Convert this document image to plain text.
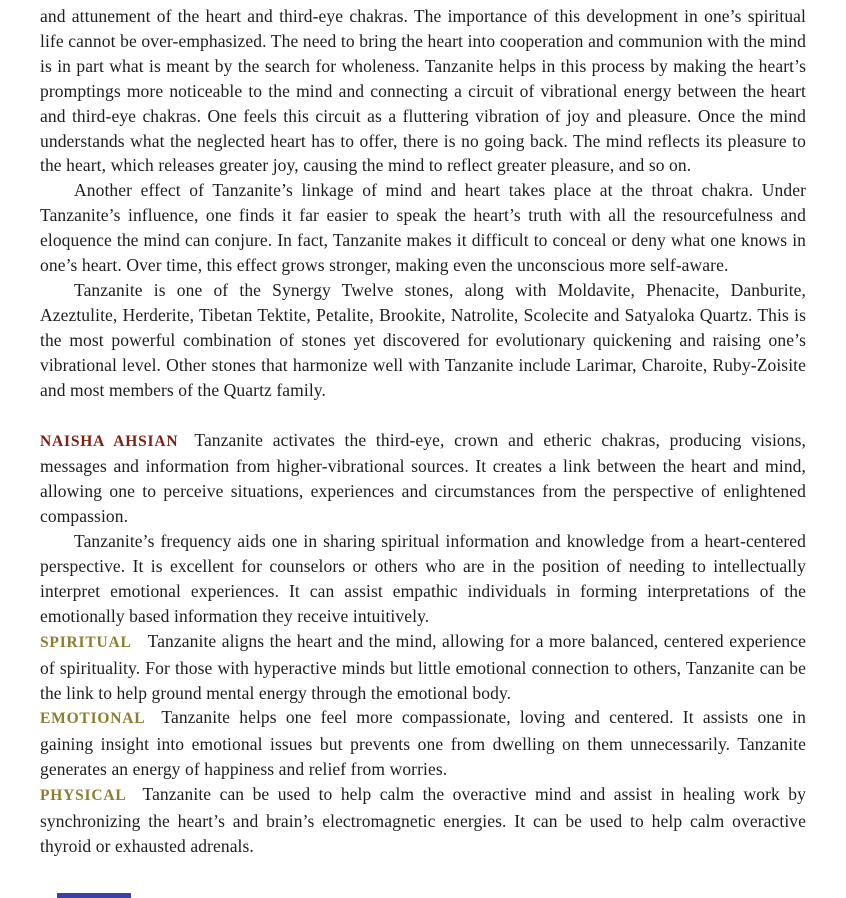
and attunement of the heart and third-eye chakras. The importance of this development in one’s spiritual life cannot be over-emphasized. The need to bring the heart into cooperation and communion with the mind is in part what is meant by the search for wholeness. Tanzanite helps in this process by making the heart’s promptings more noticeable to the mind and connecting a circuit of vibrational energy between the heart and third-eye chakras. One feels this circuit as a fluttering vibration of joy and pleasure. Once the mind understands what the neglected heart has to offer, there is no going back. The mind reflects its pleasure to the heart, which releases greater joy, causing the mind to reflect greater pleasure, and so on.

Another effect of Tanzanite’s linkage of mind and heart takes place at the throat chakra. Under Tanzanite’s influence, one finds it far easier to speak the heart’s truth with all the resourcefulness and eloquence the mind can conjure. In fact, Tanzanite makes it difficult to conceal or deny what one knows in one’s heart. Over time, this effect grows stronger, making even the unconscious more self-aware.

Tanzanite is one of the Synergy Twelve stones, along with Moldavite, Phenacite, Danburite, Azeztulite, Herderite, Tibetan Tektite, Petalite, Brookite, Natrolite, Scolecite and Satyaloka Quartz. This is the most powerful combination of stones yet discovered for evolutionary quickening and raising one’s vibrational level. Other stones that harmonize well with Tanzanite include Larimar, Charoite, Ruby-Zoisite and most members of the Quartz family.

NAISHA AHSIAN Tanzanite activates the third-eye, crown and etheric chakras, producing visions, messages and information from higher-vibrational sources. It creates a link between the heart and mind, allowing one to perceive situations, experiences and circumstances from the perspective of enlightened compassion.

Tanzanite’s frequency aids one in sharing spiritual information and knowledge from a heart-centered perspective. It is excellent for counselors or others who are in the position of needing to intellectually interpret emotional experiences. It can assist empathic individuals in forming interpretations of the emotionally based information they receive intuitively.

SPIRITUAL Tanzanite aligns the heart and the mind, allowing for a more balanced, centered experience of spirituality. For those with hyperactive minds but little emotional connection to others, Tanzanite can be the link to help ground mental energy through the emotional body.

EMOTIONAL Tanzanite helps one feel more compassionate, loving and centered. It assists one in gaining insight into emotional issues but prevents one from dwelling on them unnecessarily. Tanzanite generates an energy of happiness and relief from worries.

PHYSICAL Tanzanite can be used to help calm the overactive mind and assist in healing work by synchronizing the heart’s and brain’s electromagnetic energies. It can be used to help calm overactive thyroid or exhausted adrenals.
